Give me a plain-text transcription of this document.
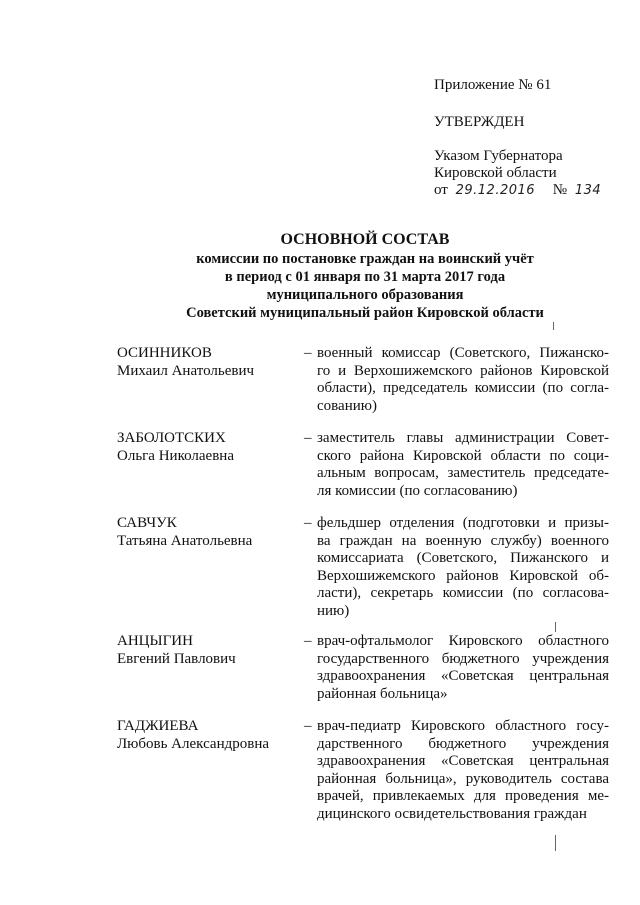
Приложение № 61
УТВЕРЖДЕН
Указом Губернатора
Кировской области
от 29.12.2016 № 134
ОСНОВНОЙ СОСТАВ
комиссии по постановке граждан на воинский учёт
в период с 01 января по 31 марта 2017 года
муниципального образования
Советский муниципальный район Кировской области
ОСИННИКОВ
Михаил Анатольевич
– военный комиссар (Советского, Пижанско-
го и Верхошижемского районов Кировской
области), председатель комиссии (по согла-
сованию)
ЗАБОЛОТСКИХ
Ольга Николаевна
– заместитель главы администрации Совет-
ского района Кировской области по соци-
альным вопросам, заместитель председате-
ля комиссии (по согласованию)
САВЧУК
Татьяна Анатольевна
– фельдшер отделения (подготовки и призы-
ва граждан на военную службу) военного
комиссариата (Советского, Пижанского и
Верхошижемского районов Кировской об-
ласти), секретарь комиссии (по согласова-
нию)
АНЦЫГИН
Евгений Павлович
– врач-офтальмолог Кировского областного
государственного бюджетного учреждения
здравоохранения «Советская центральная
районная больница»
ГАДЖИЕВА
Любовь Александровна
– врач-педиатр Кировского областного госу-
дарственного бюджетного учреждения
здравоохранения «Советская центральная
районная больница», руководитель состава
врачей, привлекаемых для проведения ме-
дицинского освидетельствования граждан
